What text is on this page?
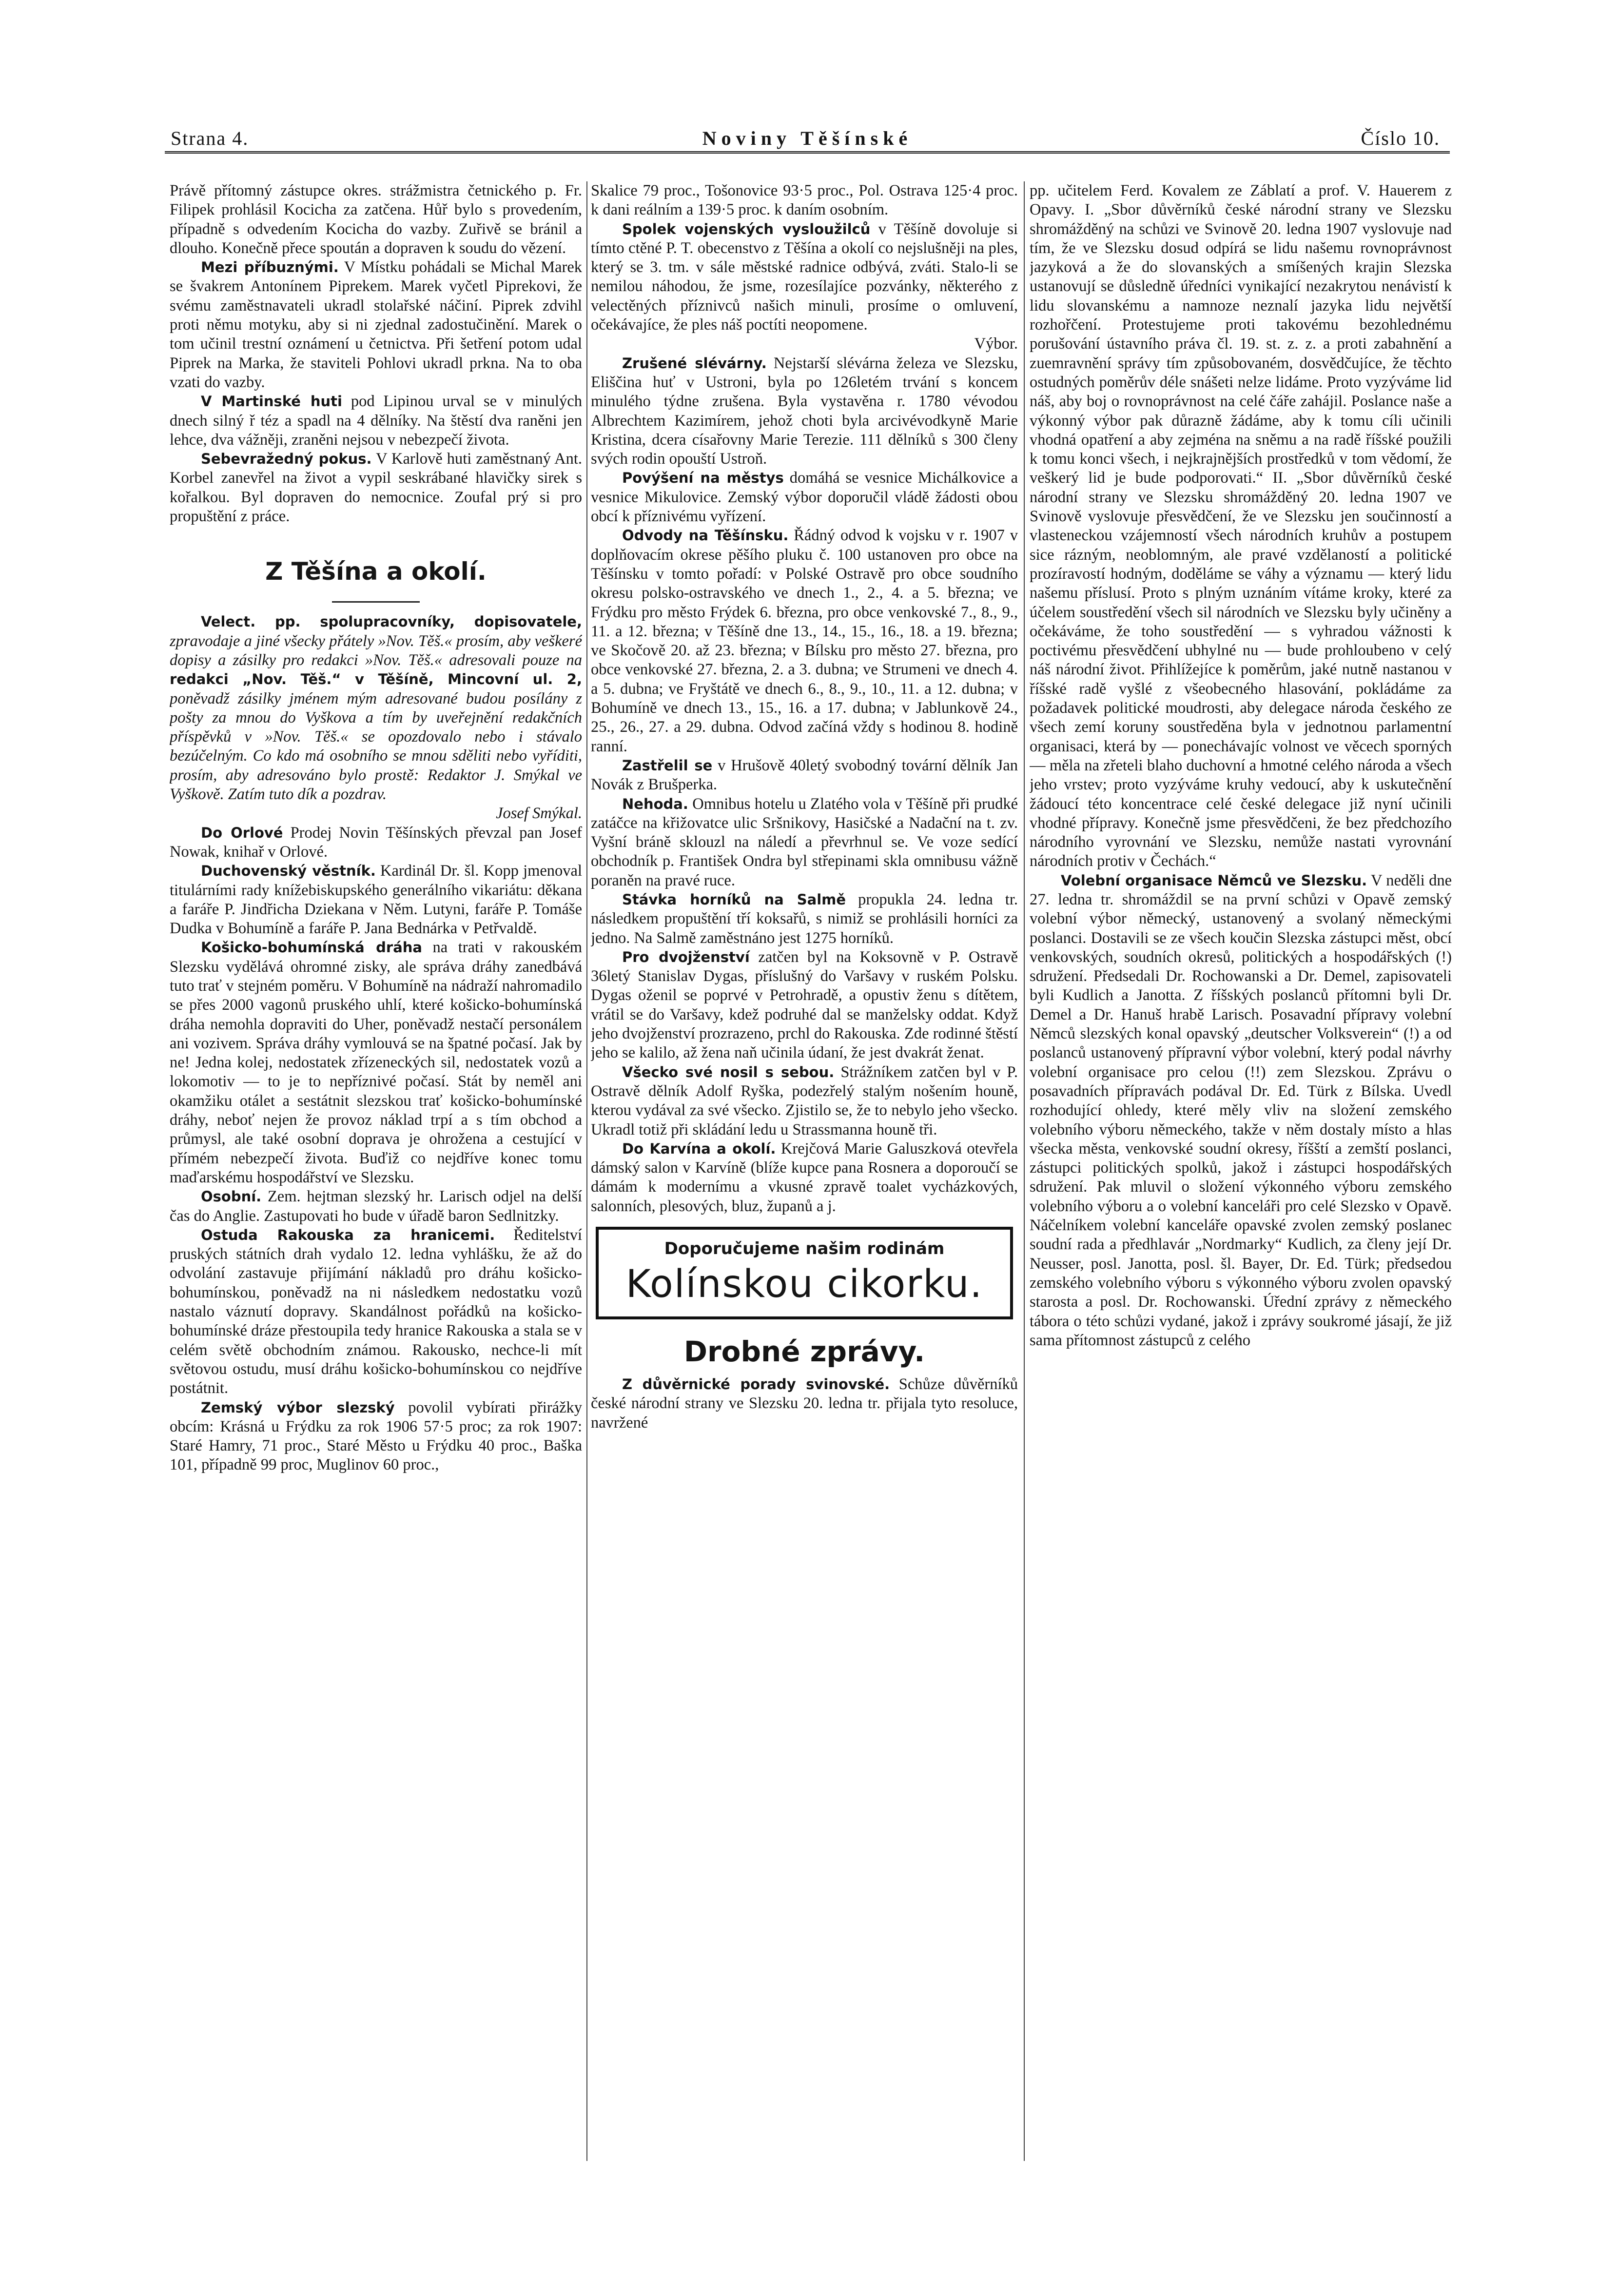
Strana 4.	Noviny Těšínské	Číslo 10.

Právě přítomný zástupce okres. strážmistra četnického p. Fr. Filipek prohlásil Kocicha za zatčena. Hůř bylo s provedením, případně s odvedením Kocicha do vazby. Zuřivě se bránil a dlouho. Konečně přece spoután a dopraven k soudu do vězení.

Mezi příbuznými. V Místku pohádali se Michal Marek se švakrem Antonínem Piprekem. Marek vyčetl Piprekovi, že svému zaměstnavateli ukradl stolařské náčiní. Piprek zdvihl proti němu motyku, aby si ni zjednal zadostučinění. Marek o tom učinil trestní oznámení u četnictva. Při šetření potom udal Piprek na Marka, že staviteli Pohlovi ukradl prkna. Na to oba vzati do vazby.

V Martinské huti pod Lipinou urval se v minulých dnech silný ř téz a spadl na 4 dělníky. Na štěstí dva raněni jen lehce, dva vážněji, zraněni nejsou v nebezpečí života.

Sebevražedný pokus. V Karlově huti zaměstnaný Ant. Korbel zanevřel na život a vypil seskrábané hlavičky sirek s kořalkou. Byl dopraven do nemocnice. Zoufal prý si pro propuštění z práce.

Z Těšína a okolí.

Velect. pp. spolupracovníky, dopisovatele, zpravodaje a jiné všecky přátely »Nov. Těš.« prosím, aby veškeré dopisy a zásilky pro redakci »Nov. Těš.« adresovali pouze na redakci „Nov. Těš.“ v Těšíně, Mincovní ul. 2, poněvadž zásilky jménem mým adresované budou posílány z pošty za mnou do Vyškova a tím by uveřejnění redakčních příspěvků v »Nov. Těš.« se opozdovalo nebo i stávalo bezúčelným. Co kdo má osobního se mnou sděliti nebo vyříditi, prosím, aby adresováno bylo prostě: Redaktor J. Smýkal ve Vyškově. Zatím tuto dík a pozdrav.

Josef Smýkal.

Do Orlové Prodej Novin Těšínských převzal pan Josef Nowak, knihař v Orlové.

Duchovenský věstník. Kardinál Dr. šl. Kopp jmenoval titulárními rady knížebiskupského generálního vikariátu: děkana a faráře P. Jindřicha Dziekana v Něm. Lutyni, faráře P. Tomáše Dudka v Bohumíně a faráře P. Jana Bednárka v Petřvaldě.

Košicko-bohumínská dráha na trati v rakouském Slezsku vydělává ohromné zisky, ale správa dráhy zanedbává tuto trať v stejném poměru. V Bohumíně na nádraží nahromadilo se přes 2000 vagonů pruského uhlí, které košicko-bohumínská dráha nemohla dopraviti do Uher, poněvadž nestačí personálem ani vozivem. Správa dráhy vymlouvá se na špatné počasí. Jak by ne! Jedna kolej, nedostatek zřízeneckých sil, nedostatek vozů a lokomotiv — to je to nepříznivé počasí. Stát by neměl ani okamžiku otálet a sestátnit slezskou trať košicko-bohumínské dráhy, neboť nejen že provoz náklad trpí a s tím obchod a průmysl, ale také osobní doprava je ohrožena a cestující v přímém nebezpečí života. Buďiž co nejdříve konec tomu maďarskému hospodářství ve Slezsku.

Osobní. Zem. hejtman slezský hr. Larisch odjel na delší čas do Anglie. Zastupovati ho bude v úřadě baron Sedlnitzky.

Ostuda Rakouska za hranicemi. Ředitelství pruských státních drah vydalo 12. ledna vyhlášku, že až do odvolání zastavuje přijímání nákladů pro dráhu košicko-bohumínskou, poněvadž na ni následkem nedostatku vozů nastalo váznutí dopravy. Skandálnost pořádků na košicko-bohumínské dráze přestoupila tedy hranice Rakouska a stala se v celém světě obchodním známou. Rakousko, nechce-li mít světovou ostudu, musí dráhu košicko-bohumínskou co nejdříve postátnit.

Zemský výbor slezský povolil vybírati přirážky obcím: Krásná u Frýdku za rok 1906 57·5 proc; za rok 1907: Staré Hamry, 71 proc., Staré Město u Frýdku 40 proc., Baška 101, případně 99 proc, Muglinov 60 proc.,

Skalice 79 proc., Tošonovice 93·5 proc., Pol. Ostrava 125·4 proc. k dani reálním a 139·5 proc. k daním osobním.

Spolek vojenských vysloužilců v Těšíně dovoluje si tímto ctěné P. T. obecenstvo z Těšína a okolí co nejslušněji na ples, který se 3. tm. v sále městské radnice odbývá, zváti. Stalo-li se nemilou náhodou, že jsme, rozesílajíce pozvánky, některého z velectěných příznivců našich minuli, prosíme o omluvení, očekávajíce, že ples náš poctíti neopomene.

Výbor.

Zrušené slévárny. Nejstarší slévárna železa ve Slezsku, Eliščina huť v Ustroni, byla po 126letém trvání s koncem minulého týdne zrušena. Byla vystavěna r. 1780 vévodou Albrechtem Kazimírem, jehož choti byla arcivévodkyně Marie Kristina, dcera císařovny Marie Terezie. 111 dělníků s 300 členy svých rodin opouští Ustroň.

Povýšení na městys domáhá se vesnice Michálkovice a vesnice Mikulovice. Zemský výbor doporučil vládě žádosti obou obcí k příznivému vyřízení.

Odvody na Těšínsku. Řádný odvod k vojsku v r. 1907 v doplňovacím okrese pěšího pluku č. 100 ustanoven pro obce na Těšínsku v tomto pořadí: v Polské Ostravě pro obce soudního okresu polsko-ostravského ve dnech 1., 2., 4. a 5. března; ve Frýdku pro město Frýdek 6. března, pro obce venkovské 7., 8., 9., 11. a 12. března; v Těšíně dne 13., 14., 15., 16., 18. a 19. března; ve Skočově 20. až 23. března; v Bílsku pro město 27. března, pro obce venkovské 27. března, 2. a 3. dubna; ve Strumeni ve dnech 4. a 5. dubna; ve Fryštátě ve dnech 6., 8., 9., 10., 11. a 12. dubna; v Bohumíně ve dnech 13., 15., 16. a 17. dubna; v Jablunkově 24., 25., 26., 27. a 29. dubna. Odvod začíná vždy s hodinou 8. hodině ranní.

Zastřelil se v Hrušově 40letý svobodný tovární dělník Jan Novák z Brušperka.

Nehoda. Omnibus hotelu u Zlatého vola v Těšíně při prudké zatáčce na křižovatce ulic Sršnikovy, Hasičské a Nadační na t. zv. Vyšní bráně sklouzl na náledí a převrhnul se. Ve voze sedící obchodník p. František Ondra byl střepinami skla omnibusu vážně poraněn na pravé ruce.

Stávka horníků na Salmě propukla 24. ledna tr. následkem propuštění tří koksařů, s nimiž se prohlásili horníci za jedno. Na Salmě zaměstnáno jest 1275 horníků.

Pro dvojženství zatčen byl na Koksovně v P. Ostravě 36letý Stanislav Dygas, příslušný do Varšavy v ruském Polsku. Dygas oženil se poprvé v Petrohradě, a opustiv ženu s dítětem, vrátil se do Varšavy, kdež podruhé dal se manželsky oddat. Když jeho dvojženství prozrazeno, prchl do Rakouska. Zde rodinné štěstí jeho se kalilo, až žena naň učinila údaní, že jest dvakrát ženat.

Všecko své nosil s sebou. Strážníkem zatčen byl v P. Ostravě dělník Adolf Ryška, podezřelý stalým nošením houně, kterou vydával za své všecko. Zjistilo se, že to nebylo jeho všecko. Ukradl totiž při skládání ledu u Strassmanna houně tři.

Do Karvína a okolí. Krejčová Marie Galuszková otevřela dámský salon v Karvíně (blíže kupce pana Rosnera a doporoučí se dámám k modernímu a vkusné zpravě toalet vycházkových, salonních, plesových, bluz, županů a j.

Doporučujeme našim rodinám
Kolínskou cikorku.
Drobné zprávy.

Z důvěrnické porady svinovské. Schůze důvěrníků české národní strany ve Slezsku 20. ledna tr. přijala tyto resoluce, navržené

pp. učitelem Ferd. Kovalem ze Záblatí a prof. V. Hauerem z Opavy. I. „Sbor důvěrníků české národní strany ve Slezsku shromážděný na schůzi ve Svinově 20. ledna 1907 vyslovuje nad tím, že ve Slezsku dosud odpírá se lidu našemu rovnoprávnost jazyková a že do slovanských a smíšených krajin Slezska ustanovují se důsledně úředníci vynikající nezakrytou nenávistí k lidu slovanskému a namnoze neznalí jazyka lidu největší rozhořčení. Protestujeme proti takovému bezohlednému porušování ústavního práva čl. 19. st. z. z. a proti zabahnění a zuemravnění správy tím způsobovaném, dosvědčujíce, že těchto ostudných poměrův déle snášeti nelze lidáme. Proto vyzýváme lid náš, aby boj o rovnoprávnost na celé čáře zahájil. Poslance naše a výkonný výbor pak důrazně žádáme, aby k tomu cíli učinili vhodná opatření a aby zejména na sněmu a na radě říšské použili k tomu konci všech, i nejkrajnějších prostředků v tom vědomí, že veškerý lid je bude podporovati.“ II. „Sbor důvěrníků české národní strany ve Slezsku shromážděný 20. ledna 1907 ve Svinově vyslovuje přesvědčení, že ve Slezsku jen součinností a vlasteneckou vzájemností všech národních kruhův a postupem sice rázným, neoblomným, ale pravé vzdělaností a politické prozíravostí hodným, doděláme se váhy a významu — který lidu našemu příslusí. Proto s plným uznáním vítáme kroky, které za účelem soustředění všech sil národních ve Slezsku byly učiněny a očekáváme, že toho soustředění — s vyhradou vážnosti k poctivému přesvědčení ubhylné nu — bude prohloubeno v celý náš národní život. Přihlížejíce k poměrům, jaké nutně nastanou v říšské radě vyšlé z všeobecného hlasování, pokládáme za požadavek politické moudrosti, aby delegace národa českého ze všech zemí koruny soustředěna byla v jednotnou parlamentní organisaci, která by — ponechávajíc volnost ve věcech sporných — měla na zřeteli blaho duchovní a hmotné celého národa a všech jeho vrstev; proto vyzýváme kruhy vedoucí, aby k uskutečnění žádoucí této koncentrace celé české delegace již nyní učinili vhodné přípravy. Konečně jsme přesvědčeni, že bez předchozího národního vyrovnání ve Slezsku, nemůže nastati vyrovnání národních protiv v Čechách.“

Volební organisace Němců ve Slezsku. V neděli dne 27. ledna tr. shromáždil se na první schůzi v Opavě zemský volební výbor německý, ustanovený a svolaný německými poslanci. Dostavili se ze všech koučin Slezska zástupci měst, obcí venkovských, soudních okresů, politických a hospodářských (!) sdružení. Předsedali Dr. Rochowanski a Dr. Demel, zapisovateli byli Kudlich a Janotta. Z říšských poslanců přítomni byli Dr. Demel a Dr. Hanuš hrabě Larisch. Posavadní přípravy volební Němců slezských konal opavský „deutscher Volksverein“ (!) a od poslanců ustanovený přípravní výbor volební, který podal návrhy volební organisace pro celou (!!) zem Slezskou. Zprávu o posavadních přípravách podával Dr. Ed. Türk z Bílska. Uvedl rozhodující ohledy, které měly vliv na složení zemského volebního výboru německého, takže v něm dostaly místo a hlas všecka města, venkovské soudní okresy, říšští a zemští poslanci, zástupci politických spolků, jakož i zástupci hospodářských sdružení. Pak mluvil o složení výkonného výboru zemského volebního výboru a o volební kanceláři pro celé Slezsko v Opavě. Náčelníkem volební kanceláře opavské zvolen zemský poslanec soudní rada a předhlavár „Nordmarky“ Kudlich, za členy její Dr. Neusser, posl. Janotta, posl. šl. Bayer, Dr. Ed. Türk; předsedou zemského volebního výboru s výkonného výboru zvolen opavský starosta a posl. Dr. Rochowanski. Úřední zprávy z německého tábora o této schůzi vydané, jakož i zprávy soukromé jásají, že již sama přítomnost zástupců z celého
